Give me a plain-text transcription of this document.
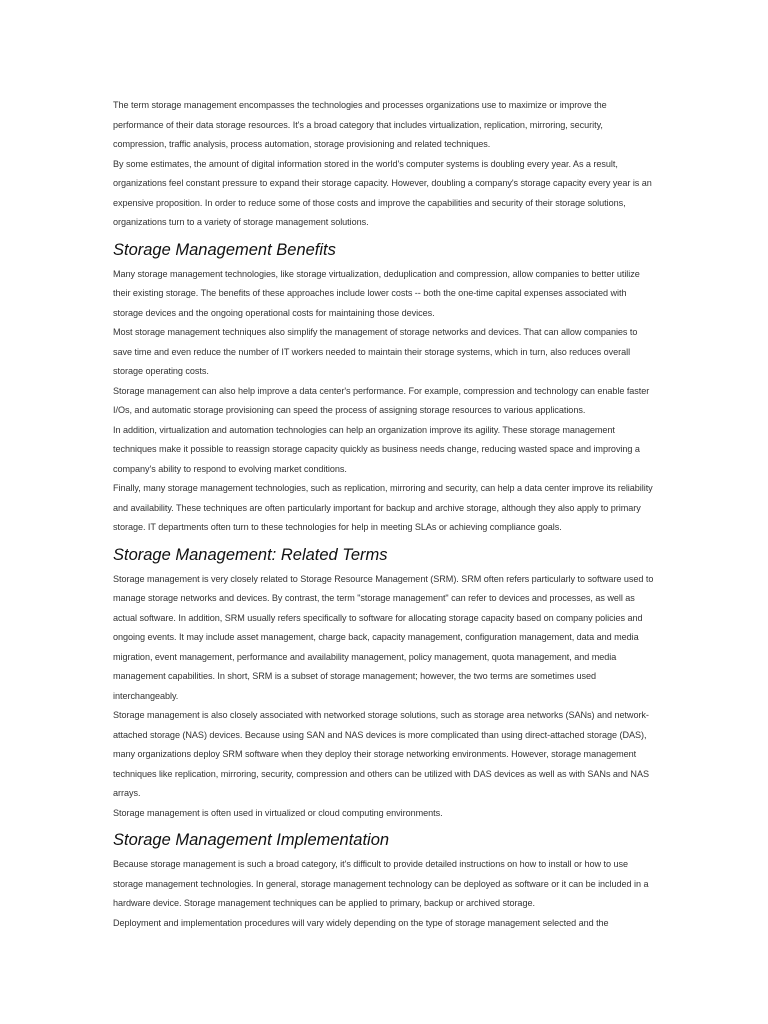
The term storage management encompasses the technologies and processes organizations use to maximize or improve the performance of their data storage resources. It's a broad category that includes virtualization, replication, mirroring, security, compression, traffic analysis, process automation, storage provisioning and related techniques.

By some estimates, the amount of digital information stored in the world's computer systems is doubling every year. As a result, organizations feel constant pressure to expand their storage capacity. However, doubling a company's storage capacity every year is an expensive proposition. In order to reduce some of those costs and improve the capabilities and security of their storage solutions, organizations turn to a variety of storage management solutions.

Storage Management Benefits

Many storage management technologies, like storage virtualization, deduplication and compression, allow companies to better utilize their existing storage. The benefits of these approaches include lower costs -- both the one-time capital expenses associated with storage devices and the ongoing operational costs for maintaining those devices.

Most storage management techniques also simplify the management of storage networks and devices. That can allow companies to save time and even reduce the number of IT workers needed to maintain their storage systems, which in turn, also reduces overall storage operating costs.

Storage management can also help improve a data center's performance. For example, compression and technology can enable faster I/Os, and automatic storage provisioning can speed the process of assigning storage resources to various applications.

In addition, virtualization and automation technologies can help an organization improve its agility. These storage management techniques make it possible to reassign storage capacity quickly as business needs change, reducing wasted space and improving a company's ability to respond to evolving market conditions.

Finally, many storage management technologies, such as replication, mirroring and security, can help a data center improve its reliability and availability. These techniques are often particularly important for backup and archive storage, although they also apply to primary storage. IT departments often turn to these technologies for help in meeting SLAs or achieving compliance goals.

Storage Management: Related Terms

Storage management is very closely related to Storage Resource Management (SRM). SRM often refers particularly to software used to manage storage networks and devices. By contrast, the term "storage management" can refer to devices and processes, as well as actual software. In addition, SRM usually refers specifically to software for allocating storage capacity based on company policies and ongoing events. It may include asset management, charge back, capacity management, configuration management, data and media migration, event management, performance and availability management, policy management, quota management, and media management capabilities. In short, SRM is a subset of storage management; however, the two terms are sometimes used interchangeably.

Storage management is also closely associated with networked storage solutions, such as storage area networks (SANs) and network-attached storage (NAS) devices. Because using SAN and NAS devices is more complicated than using direct-attached storage (DAS), many organizations deploy SRM software when they deploy their storage networking environments. However, storage management techniques like replication, mirroring, security, compression and others can be utilized with DAS devices as well as with SANs and NAS arrays.

Storage management is often used in virtualized or cloud computing environments.

Storage Management Implementation

Because storage management is such a broad category, it's difficult to provide detailed instructions on how to install or how to use storage management technologies. In general, storage management technology can be deployed as software or it can be included in a hardware device. Storage management techniques can be applied to primary, backup or archived storage.

Deployment and implementation procedures will vary widely depending on the type of storage management selected and the
